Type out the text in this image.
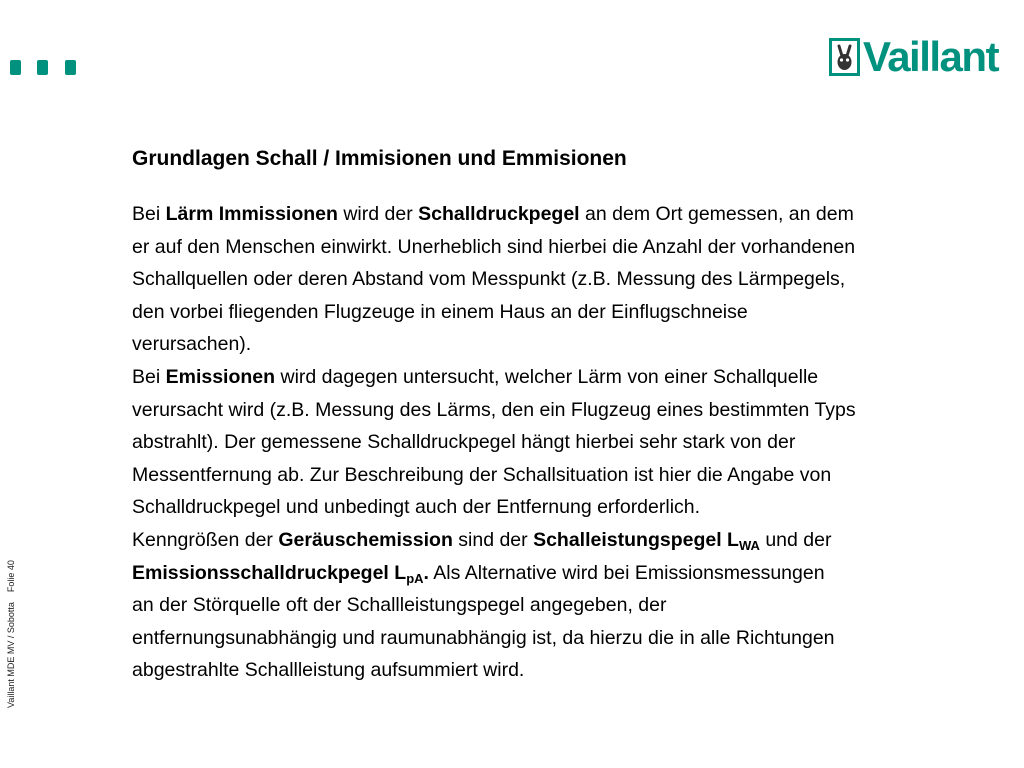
Vaillant
Vaillant MDE MV / SobottaFolie 40
Grundlagen Schall / Immisionen und Emmisionen
Bei Lärm Immissionen wird der Schalldruckpegel an dem Ort gemessen, an dem
er auf den Menschen einwirkt. Unerheblich sind hierbei die Anzahl der vorhandenen
Schallquellen oder deren Abstand vom Messpunkt (z.B. Messung des Lärmpegels,
den vorbei fliegenden Flugzeuge in einem Haus an der Einflugschneise
verursachen).
Bei Emissionen wird dagegen untersucht, welcher Lärm von einer Schallquelle
verursacht wird (z.B. Messung des Lärms, den ein Flugzeug eines bestimmten Typs
abstrahlt). Der gemessene Schalldruckpegel hängt hierbei sehr stark von der
Messentfernung ab. Zur Beschreibung der Schallsituation ist hier die Angabe von
Schalldruckpegel und unbedingt auch der Entfernung erforderlich.
Kenngrößen der Geräuschemission sind der Schalleistungspegel $L_{WA}$ und der
Emissionsschalldruckpegel $L_{pA}$. Als Alternative wird bei Emissionsmessungen
an der Störquelle oft der Schallleistungspegel angegeben, der
entfernungsunabhängig und raumunabhängig ist, da hierzu die in alle Richtungen
abgestrahlte Schallleistung aufsummiert wird.
